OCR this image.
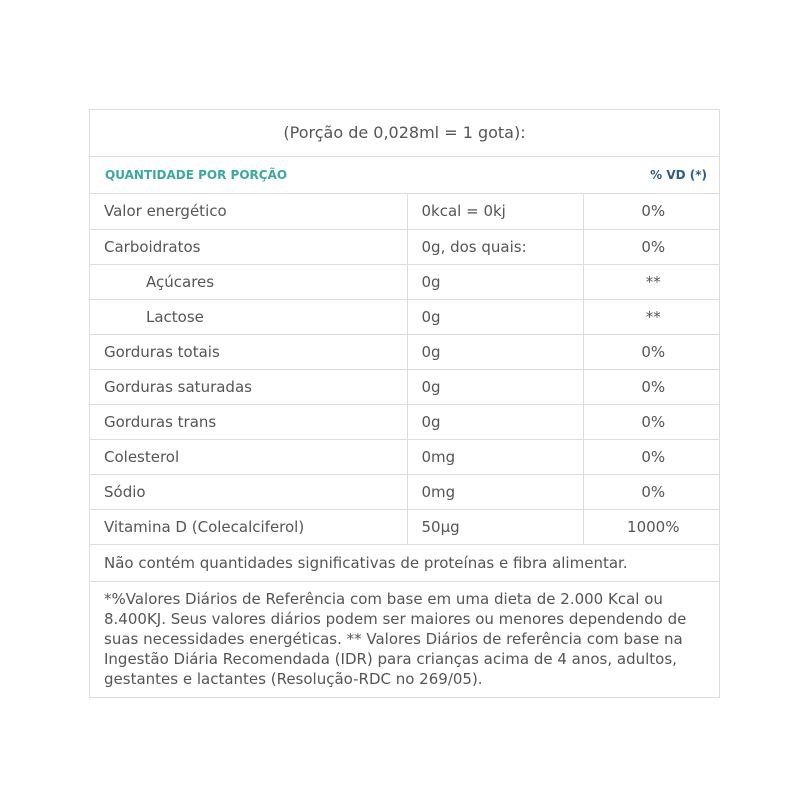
(Porção de 0,028ml = 1 gota):
QUANTIDADE POR PORÇÃO	% VD (*)
Valor energético	0kcal = 0kj	0%
Carboidratos	0g, dos quais:	0%
Açúcares	0g	**
Lactose	0g	**
Gorduras totais	0g	0%
Gorduras saturadas	0g	0%
Gorduras trans	0g	0%
Colesterol	0mg	0%
Sódio	0mg	0%
Vitamina D (Colecalciferol)	50µg	1000%
Não contém quantidades significativas de proteínas e fibra alimentar.
*%Valores Diários de Referência com base em uma dieta de 2.000 Kcal ou 8.400KJ. Seus valores diários podem ser maiores ou menores dependendo de suas necessidades energéticas. ** Valores Diários de referência com base na Ingestão Diária Recomendada (IDR) para crianças acima de 4 anos, adultos, gestantes e lactantes (Resolução-RDC no 269/05).
